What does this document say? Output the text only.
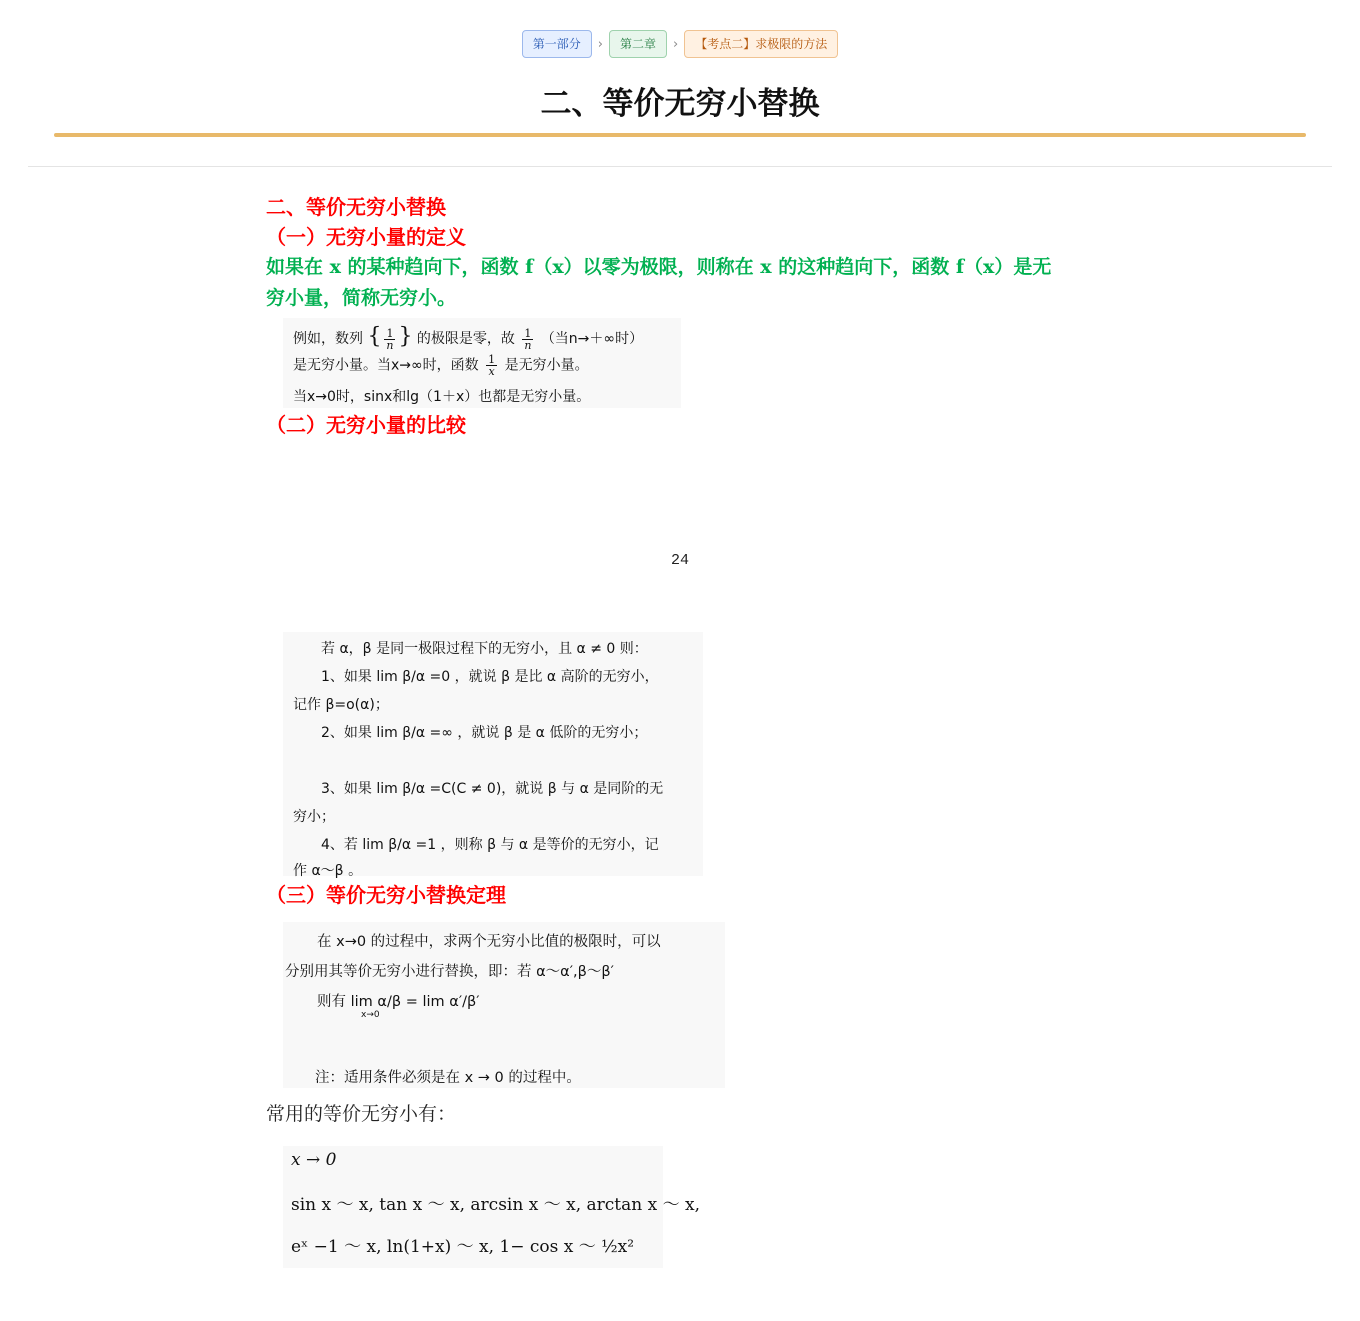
第一部分	›	第二章	›	【考点二】求极限的方法
二、等价无穷小替换

二、等价无穷小替换

（一）无穷小量的定义

如果在 x 的某种趋向下，函数 f（x）以零为极限，则称在 x 的这种趋向下，函数 f（x）是无穷小量，简称无穷小。

例如，数列 { $\frac{1}{n}$ } 的极限是零，故 $\frac{1}{n}$ （当n→＋∞时）
是无穷小量。当x→∞时，函数 $\frac{1}{x}$ 是无穷小量。
当x→0时，sinx和lg（1＋x）也都是无穷小量。

（二）无穷小量的比较

24
若 α，β 是同一极限过程下的无穷小，且 α ≠ 0 则：
1、如果 lim β/α =0 ，就说 β 是比 α 高阶的无穷小，
记作 β=o(α)；
2、如果 lim β/α =∞ ，就说 β 是 α 低阶的无穷小；
3、如果 lim β/α =C(C ≠ 0)，就说 β 与 α 是同阶的无
穷小；
4、若 lim β/α =1 ，则称 β 与 α 是等价的无穷小，记
作 α～β 。

（三）等价无穷小替换定理

在 x→0 的过程中，求两个无穷小比值的极限时，可以
分别用其等价无穷小进行替换，即：若 α～α′,β～β′
则有 lim α/β = lim α′/β′
x→0
注：适用条件必须是在 x → 0 的过程中。

常用的等价无穷小有：

x → 0
sin x ～ x, tan x ～ x, arcsin x ～ x, arctan x ～ x,
eˣ −1 ～ x, ln(1+x) ～ x, 1− cos x ～ ½x²
